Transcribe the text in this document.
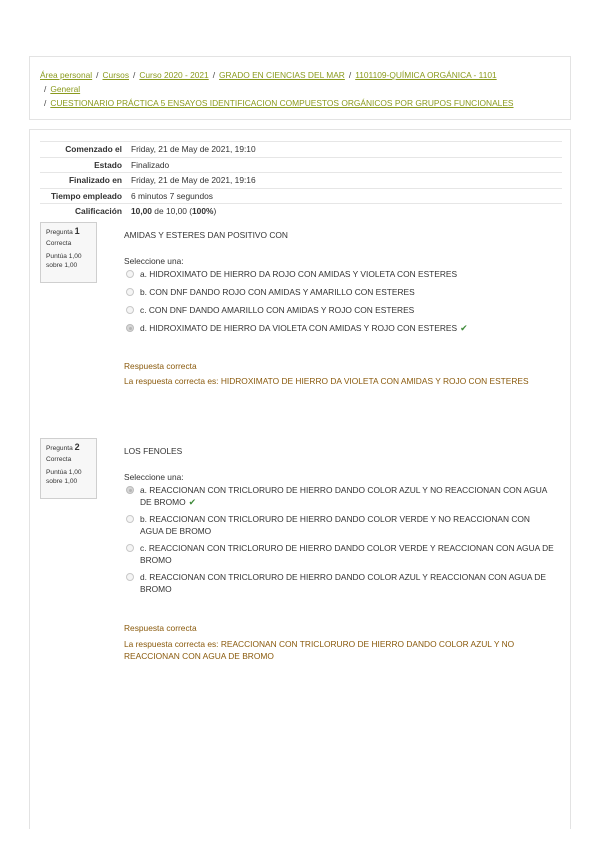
Área personal / Cursos / Curso 2020 - 2021 / GRADO EN CIENCIAS DEL MAR / 1101109-QUÍMICA ORGÁNICA - 1101
/ General
/ CUESTIONARIO PRÁCTICA 5 ENSAYOS IDENTIFICACION COMPUESTOS ORGÁNICOS POR GRUPOS FUNCIONALES
Comenzado el	Friday, 21 de May de 2021, 19:10
Estado	Finalizado
Finalizado en	Friday, 21 de May de 2021, 19:16
Tiempo empleado	6 minutos 7 segundos
Calificación	10,00 de 10,00 (100%)
Pregunta 1
Correcta
Puntúa 1,00
sobre 1,00

AMIDAS Y ESTERES DAN POSITIVO CON

Seleccione una:
a. HIDROXIMATO DE HIERRO DA ROJO CON AMIDAS Y VIOLETA CON ESTERES
b. CON DNF DANDO ROJO CON AMIDAS Y AMARILLO CON ESTERES
c. CON DNF DANDO AMARILLO CON AMIDAS Y ROJO CON ESTERES
d. HIDROXIMATO DE HIERRO DA VIOLETA CON AMIDAS Y ROJO CON ESTERES ✔
Respuesta correcta
La respuesta correcta es: HIDROXIMATO DE HIERRO DA VIOLETA CON AMIDAS Y ROJO CON ESTERES
Pregunta 2
Correcta
Puntúa 1,00
sobre 1,00

LOS FENOLES

Seleccione una:
a. REACCIONAN CON TRICLORURO DE HIERRO DANDO COLOR AZUL Y NO REACCIONAN CON AGUA DE BROMO ✔
b. REACCIONAN CON TRICLORURO DE HIERRO DANDO COLOR VERDE Y NO REACCIONAN CON AGUA DE BROMO
c. REACCIONAN CON TRICLORURO DE HIERRO DANDO COLOR VERDE Y REACCIONAN CON AGUA DE BROMO
d. REACCIONAN CON TRICLORURO DE HIERRO DANDO COLOR AZUL Y REACCIONAN CON AGUA DE BROMO
Respuesta correcta
La respuesta correcta es: REACCIONAN CON TRICLORURO DE HIERRO DANDO COLOR AZUL Y NO REACCIONAN CON AGUA DE BROMO
